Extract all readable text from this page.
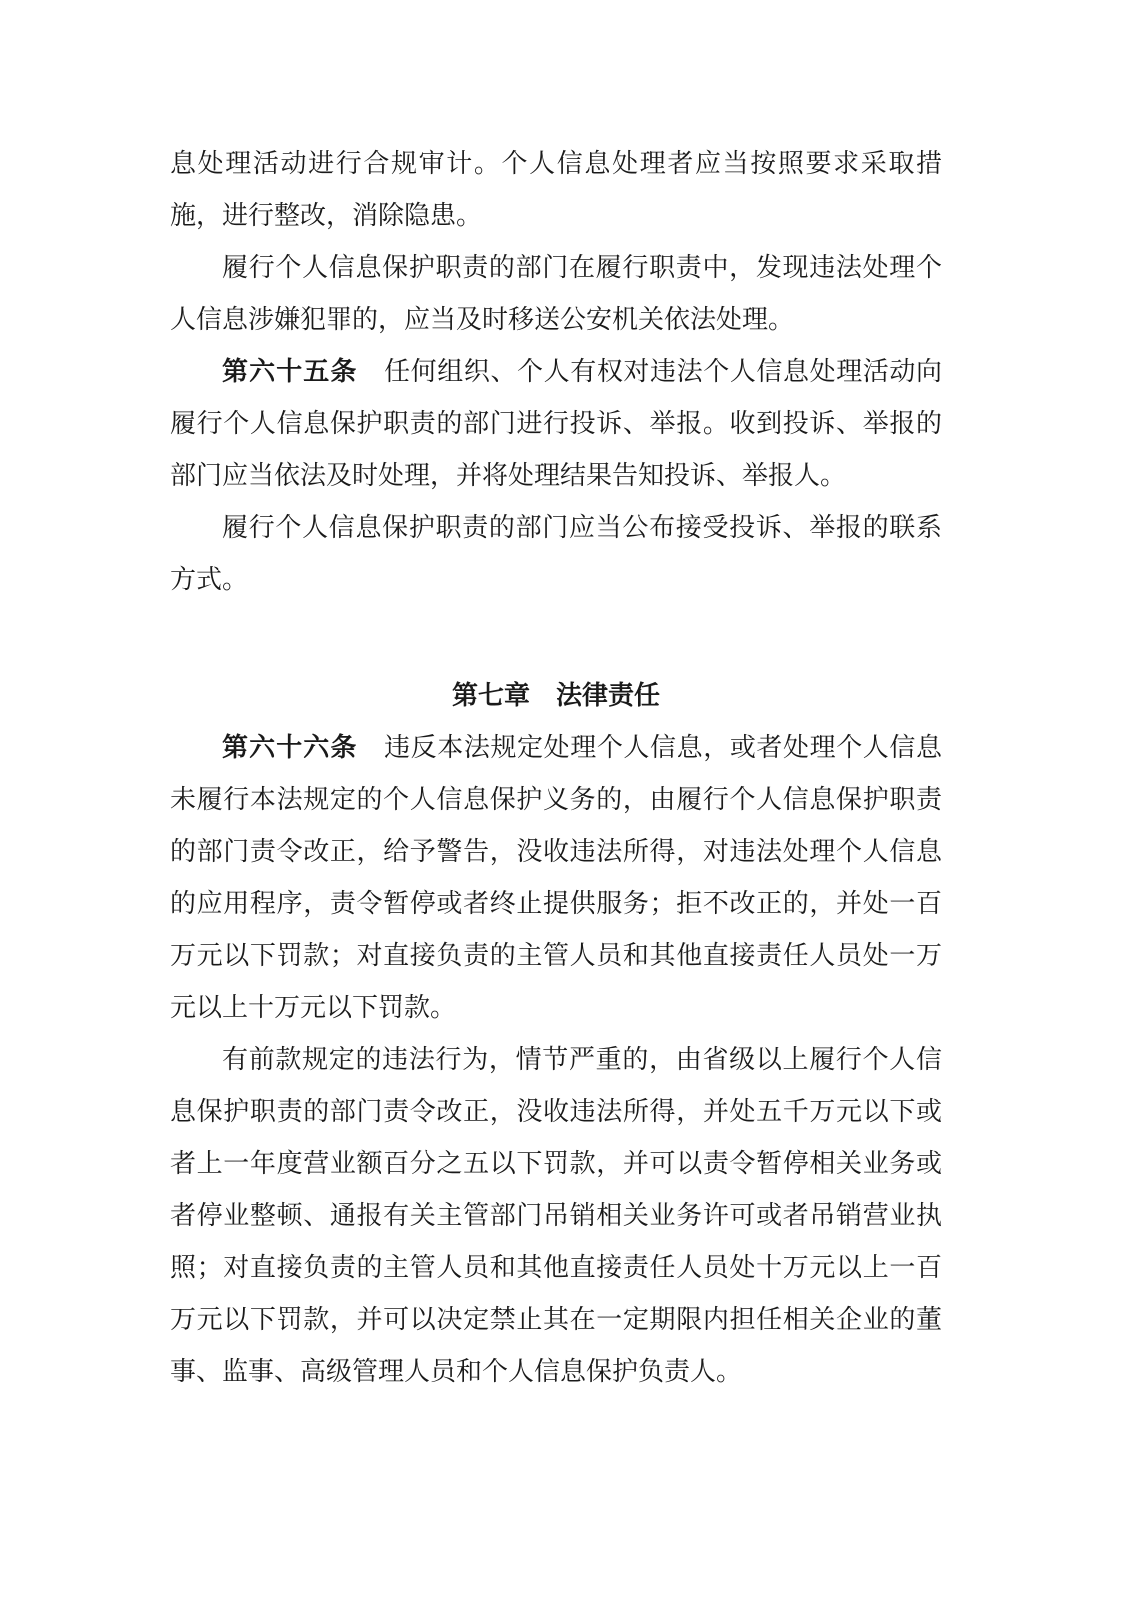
息处理活动进行合规审计。个人信息处理者应当按照要求采取措施，进行整改，消除隐患。

履行个人信息保护职责的部门在履行职责中，发现违法处理个人信息涉嫌犯罪的，应当及时移送公安机关依法处理。

第六十五条 任何组织、个人有权对违法个人信息处理活动向履行个人信息保护职责的部门进行投诉、举报。收到投诉、举报的部门应当依法及时处理，并将处理结果告知投诉、举报人。

履行个人信息保护职责的部门应当公布接受投诉、举报的联系方式。

第七章　法律责任

第六十六条 违反本法规定处理个人信息，或者处理个人信息未履行本法规定的个人信息保护义务的，由履行个人信息保护职责的部门责令改正，给予警告，没收违法所得，对违法处理个人信息的应用程序，责令暂停或者终止提供服务；拒不改正的，并处一百万元以下罚款；对直接负责的主管人员和其他直接责任人员处一万元以上十万元以下罚款。

有前款规定的违法行为，情节严重的，由省级以上履行个人信息保护职责的部门责令改正，没收违法所得，并处五千万元以下或者上一年度营业额百分之五以下罚款，并可以责令暂停相关业务或者停业整顿、通报有关主管部门吊销相关业务许可或者吊销营业执照；对直接负责的主管人员和其他直接责任人员处十万元以上一百万元以下罚款，并可以决定禁止其在一定期限内担任相关企业的董事、监事、高级管理人员和个人信息保护负责人。
